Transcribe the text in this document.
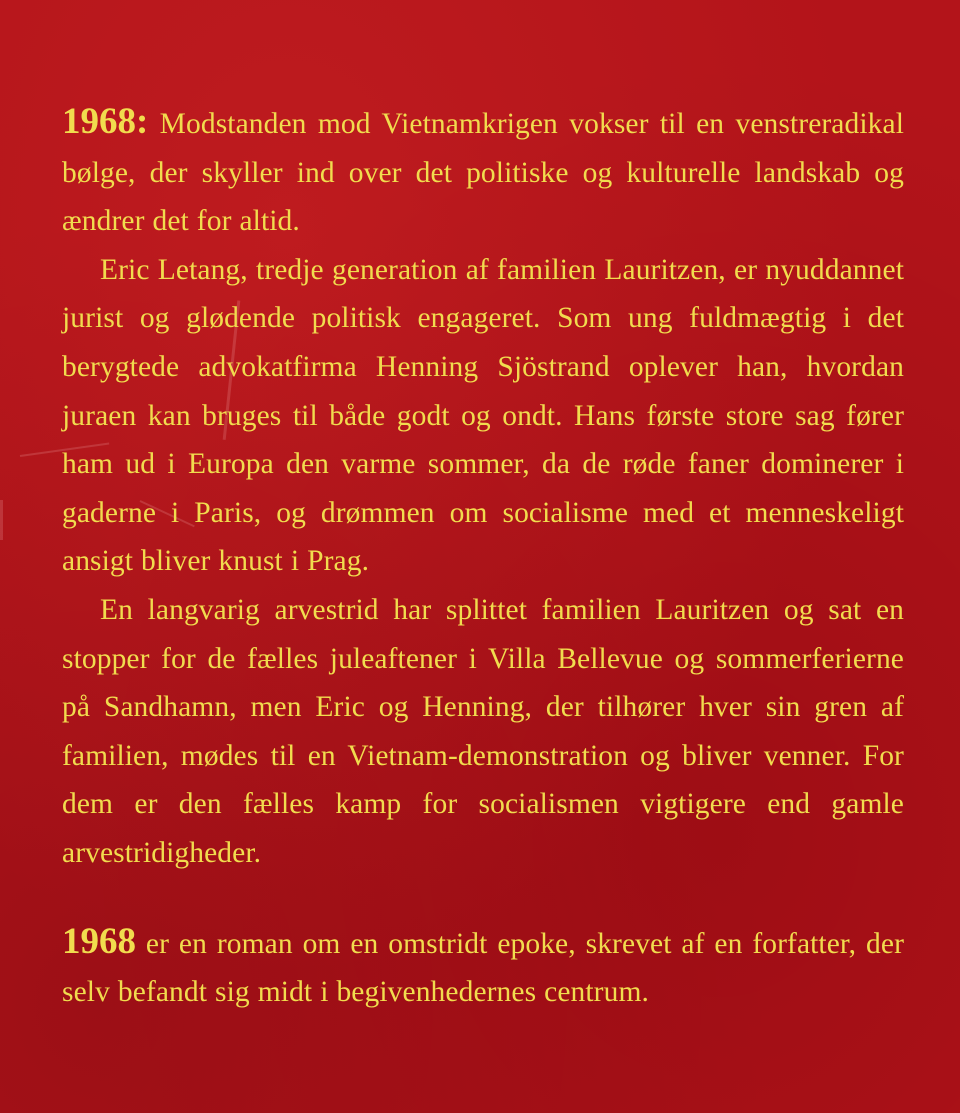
1968: Modstanden mod Vietnamkrigen vokser til en venstreradikal bølge, der skyller ind over det politiske og kulturelle landskab og ændrer det for altid.

Eric Letang, tredje generation af familien Lauritzen, er nyuddannet jurist og glødende politisk engageret. Som ung fuldmægtig i det berygtede advokatfirma Henning Sjöstrand oplever han, hvordan juraen kan bruges til både godt og ondt. Hans første store sag fører ham ud i Europa den varme sommer, da de røde faner dominerer i gaderne i Paris, og drømmen om socialisme med et menneskeligt ansigt bliver knust i Prag.

En langvarig arvestrid har splittet familien Lauritzen og sat en stopper for de fælles juleaftener i Villa Bellevue og sommerferierne på Sandhamn, men Eric og Henning, der tilhører hver sin gren af familien, mødes til en Vietnam-demonstration og bliver venner. For dem er den fælles kamp for socialismen vigtigere end gamle arvestridigheder.

1968 er en roman om en omstridt epoke, skrevet af en forfatter, der selv befandt sig midt i begivenhedernes centrum.
